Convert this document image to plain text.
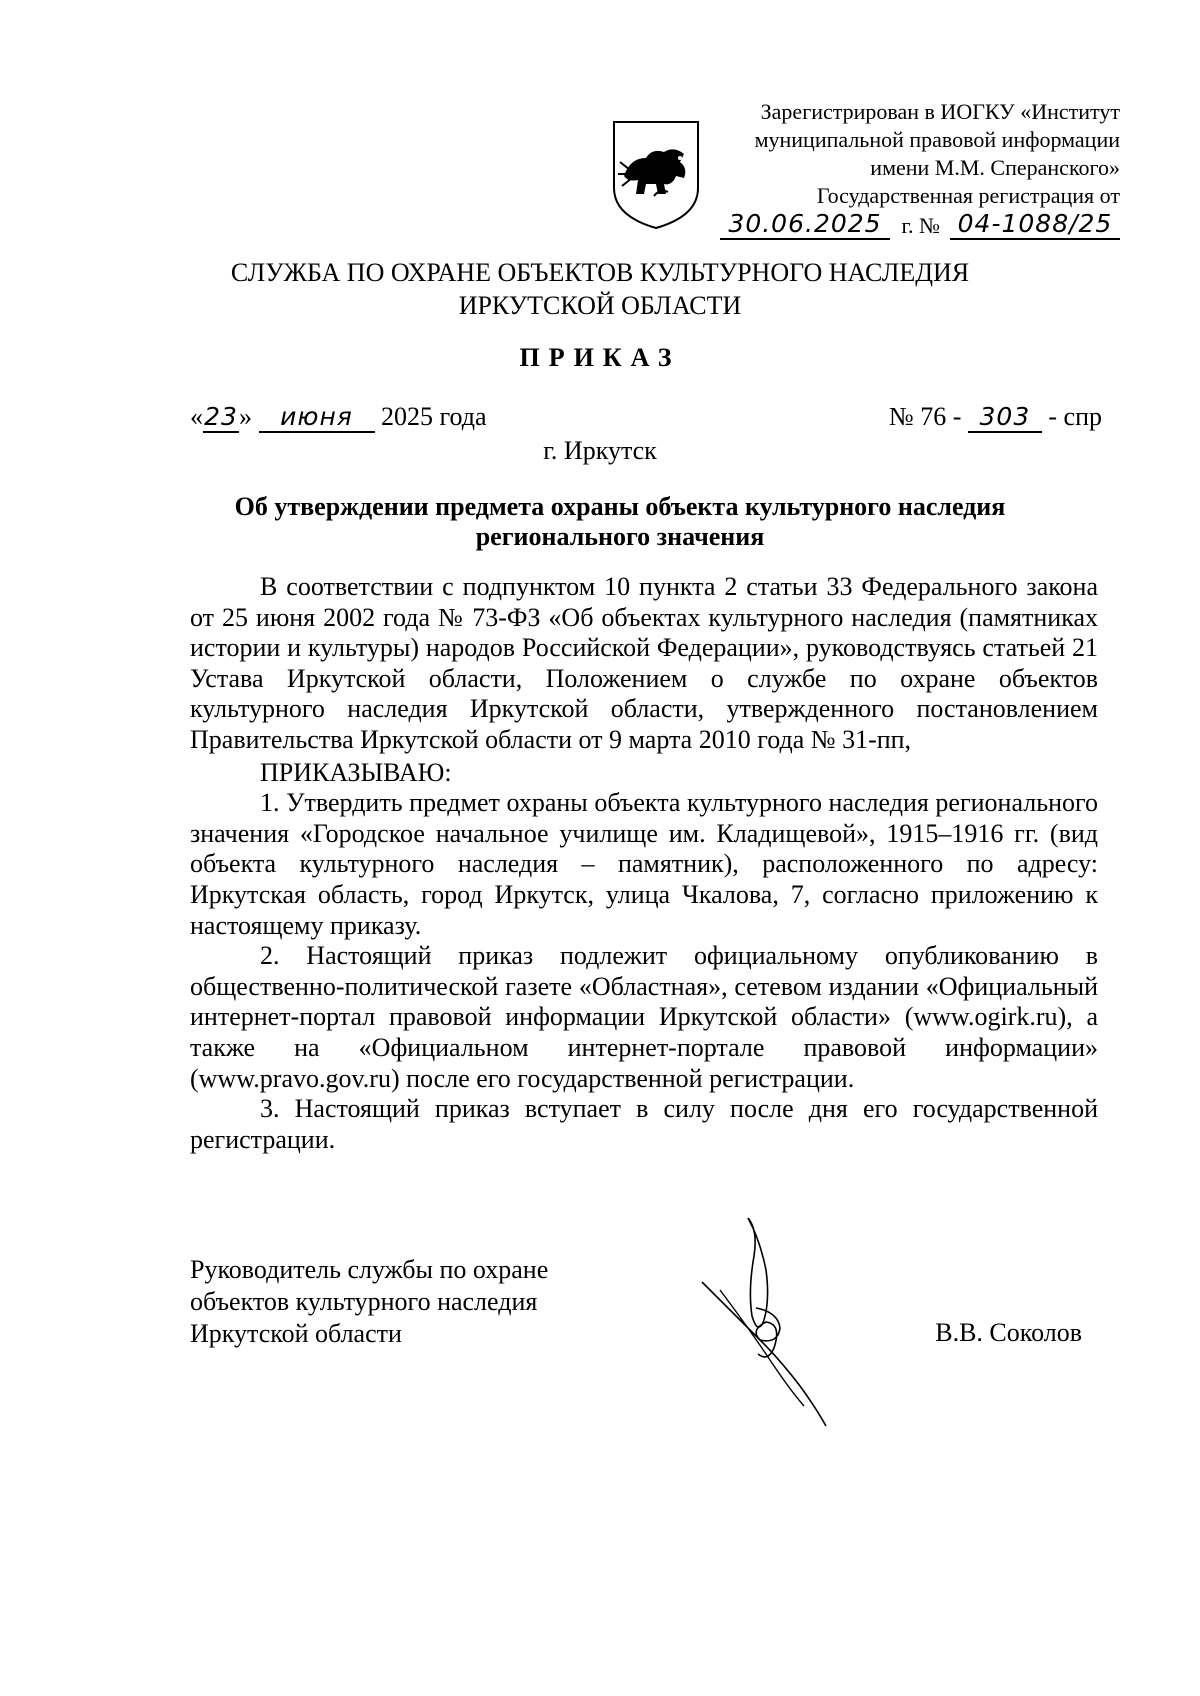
Зарегистрирован в ИОГКУ «Институт
муниципальной правовой информации
имени М.М. Сперанского»
Государственная регистрация от
30.06.2025 г. № 04-1088/25
СЛУЖБА ПО ОХРАНЕ ОБЪЕКТОВ КУЛЬТУРНОГО НАСЛЕДИЯ
ИРКУТСКОЙ ОБЛАСТИ
ПРИКАЗ
«23» июня 2025 года	№ 76 - 303 - спр
г. Иркутск
Об утверждении предмета охраны объекта культурного наследия
регионального значения

В соответствии с подпунктом 10 пункта 2 статьи 33 Федерального закона от 25 июня 2002 года № 73-ФЗ «Об объектах культурного наследия (памятниках истории и культуры) народов Российской Федерации», руководствуясь статьей 21 Устава Иркутской области, Положением о службе по охране объектов культурного наследия Иркутской области, утвержденного постановлением Правительства Иркутской области от 9 марта 2010 года № 31-пп,

ПРИКАЗЫВАЮ:

1. Утвердить предмет охраны объекта культурного наследия регионального значения «Городское начальное училище им. Кладищевой», 1915–1916 гг. (вид объекта культурного наследия – памятник), расположенного по адресу: Иркутская область, город Иркутск, улица Чкалова, 7, согласно приложению к настоящему приказу.

2. Настоящий приказ подлежит официальному опубликованию в общественно-политической газете «Областная», сетевом издании «Официальный интернет-портал правовой информации Иркутской области» (www.ogirk.ru), а также на «Официальном интернет-портале правовой информации» (www.pravo.gov.ru) после его государственной регистрации.

3. Настоящий приказ вступает в силу после дня его государственной регистрации.

Руководитель службы по охране
объектов культурного наследия
Иркутской области	В.В. Соколов
